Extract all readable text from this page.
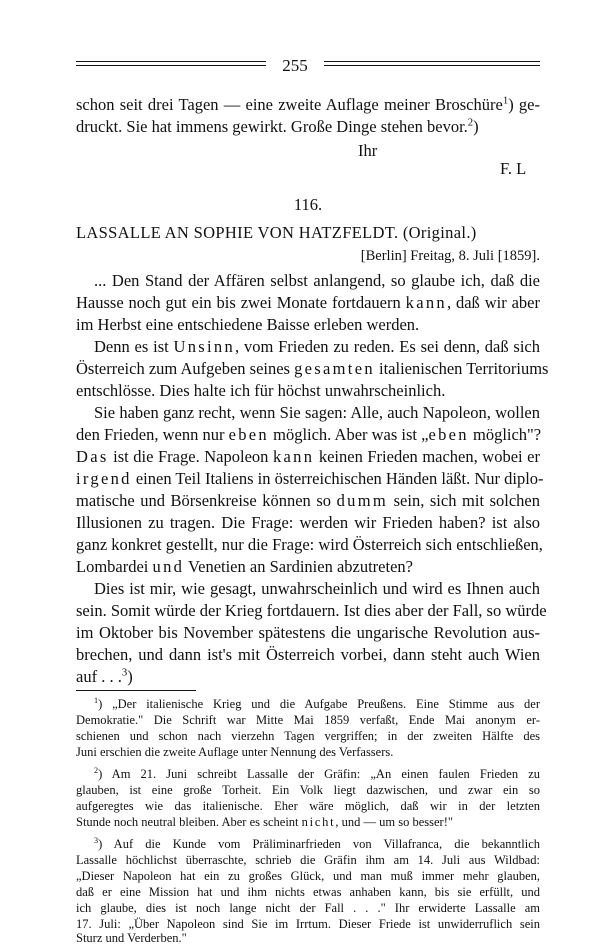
255
schon seit drei Tagen — eine zweite Auflage meiner Broschüre$^1$) ge-
druckt. Sie hat immens gewirkt. Große Dinge stehen bevor.$^2$)
Ihr
F. L
116.
LASSALLE AN SOPHIE VON HATZFELDT. (Original.)
[Berlin] Freitag, 8. Juli [1859].
... Den Stand der Affären selbst anlangend, so glaube ich, daß die
Hausse noch gut ein bis zwei Monate fortdauern kann, daß wir aber
im Herbst eine entschiedene Baisse erleben werden.
Denn es ist Unsinn, vom Frieden zu reden. Es sei denn, daß sich
Österreich zum Aufgeben seines gesamten italienischen Territoriums
entschlösse. Dies halte ich für höchst unwahrscheinlich.
Sie haben ganz recht, wenn Sie sagen: Alle, auch Napoleon, wollen
den Frieden, wenn nur eben möglich. Aber was ist „eben möglich"?
Das ist die Frage. Napoleon kann keinen Frieden machen, wobei er
irgend einen Teil Italiens in österreichischen Händen läßt. Nur diplo-
matische und Börsenkreise können so dumm sein, sich mit solchen
Illusionen zu tragen. Die Frage: werden wir Frieden haben? ist also
ganz konkret gestellt, nur die Frage: wird Österreich sich entschließen,
Lombardei und Venetien an Sardinien abzutreten?
Dies ist mir, wie gesagt, unwahrscheinlich und wird es Ihnen auch
sein. Somit würde der Krieg fortdauern. Ist dies aber der Fall, so würde
im Oktober bis November spätestens die ungarische Revolution aus-
brechen, und dann ist's mit Österreich vorbei, dann steht auch Wien
auf . . .$^3$)
$^1$) „Der italienische Krieg und die Aufgabe Preußens. Eine Stimme aus der
Demokratie." Die Schrift war Mitte Mai 1859 verfaßt, Ende Mai anonym er-
schienen und schon nach vierzehn Tagen vergriffen; in der zweiten Hälfte des
Juni erschien die zweite Auflage unter Nennung des Verfassers.
$^2$) Am 21. Juni schreibt Lassalle der Gräfin: „An einen faulen Frieden zu
glauben, ist eine große Torheit. Ein Volk liegt dazwischen, und zwar ein so
aufgeregtes wie das italienische. Eher wäre möglich, daß wir in der letzten
Stunde noch neutral bleiben. Aber es scheint nicht, und — um so besser!"
$^3$) Auf die Kunde vom Präliminarfrieden von Villafranca, die bekanntlich
Lassalle höchlichst überraschte, schrieb die Gräfin ihm am 14. Juli aus Wildbad:
„Dieser Napoleon hat ein zu großes Glück, und man muß immer mehr glauben,
daß er eine Mission hat und ihm nichts etwas anhaben kann, bis sie erfüllt, und
ich glaube, dies ist noch lange nicht der Fall . . ." Ihr erwiderte Lassalle am
17. Juli: „Über Napoleon sind Sie im Irrtum. Dieser Friede ist unwiderruflich sein
Sturz und Verderben."
